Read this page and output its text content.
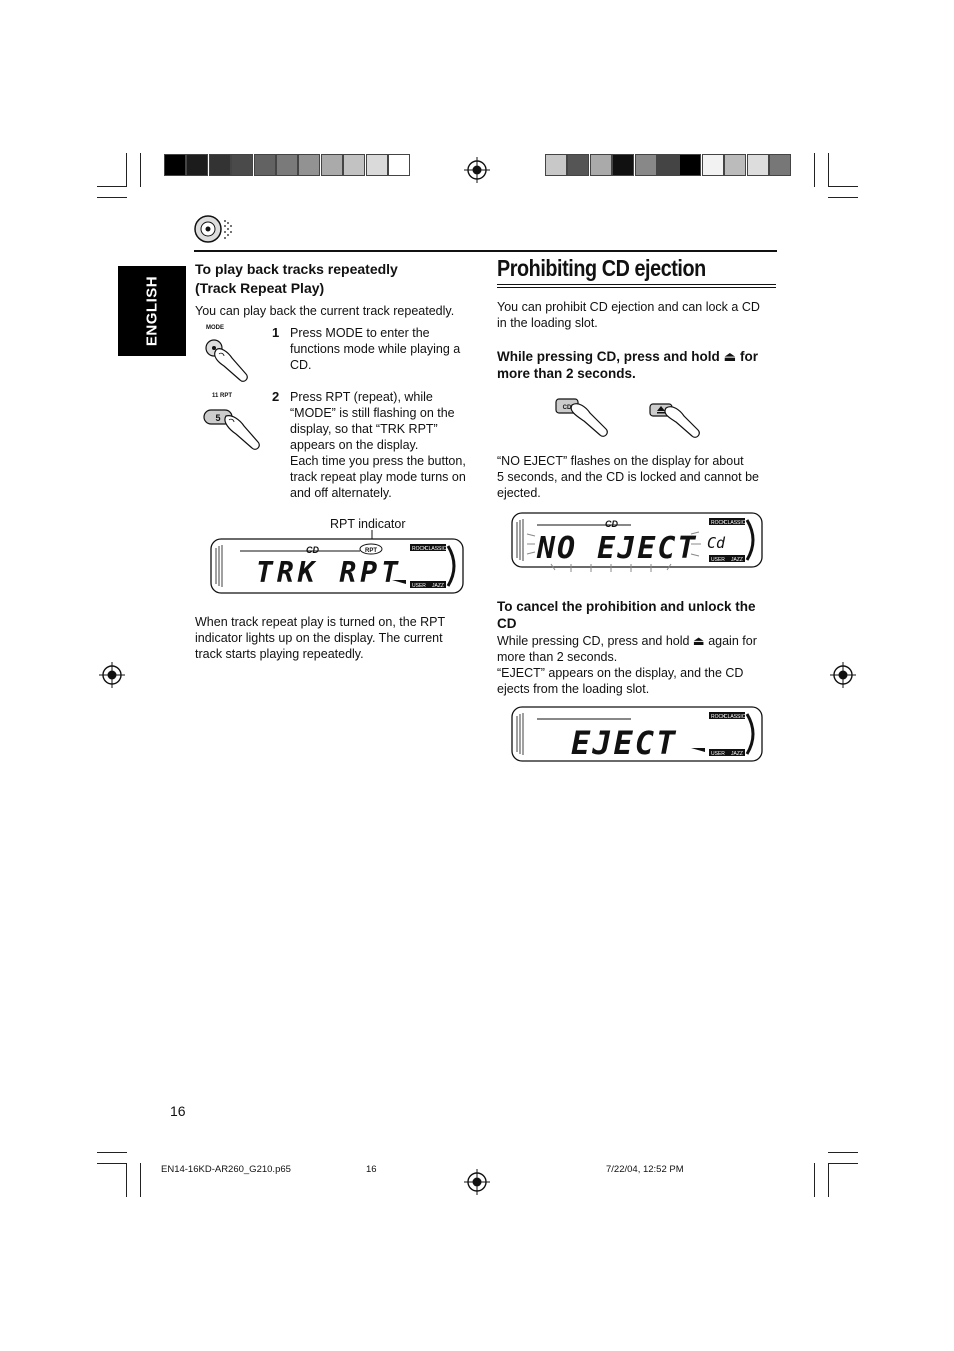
ENGLISH
To play back tracks repeatedly
(Track Repeat Play)
You can play back the current track repeatedly.
MODE	1 Press MODE to enter the
functions mode while playing a
CD.
11 RPT
5
2 Press RPT (repeat), while
“MODE” is still flashing on the
display, so that “TRK RPT”
appears on the display.
Each time you press the button,
track repeat play mode turns on
and off alternately.
RPT indicator
CD	RPT	ROCK
CLASSIC
USER JAZZ
TRK RPT
When track repeat play is turned on, the RPT
indicator lights up on the display. The current
track starts playing repeatedly.
Prohibiting CD ejection
You can prohibit CD ejection and can lock a CD
in the loading slot.
While pressing CD, press and hold ⏏ for
more than 2 seconds.
CD
“NO EJECT” flashes on the display for about
5 seconds, and the CD is locked and cannot be
ejected.
CD	ROCK
CLASSIC
USER JAZZ
NO EJECT Cd
To cancel the prohibition and unlock the
CD
While pressing CD, press and hold ⏏ again for
more than 2 seconds.
“EJECT” appears on the display, and the CD
ejects from the loading slot.
ROCK
CLASSIC
USER JAZZ
EJECT
16
EN14-16KD-AR260_G210.p65	16	7/22/04, 12:52 PM
